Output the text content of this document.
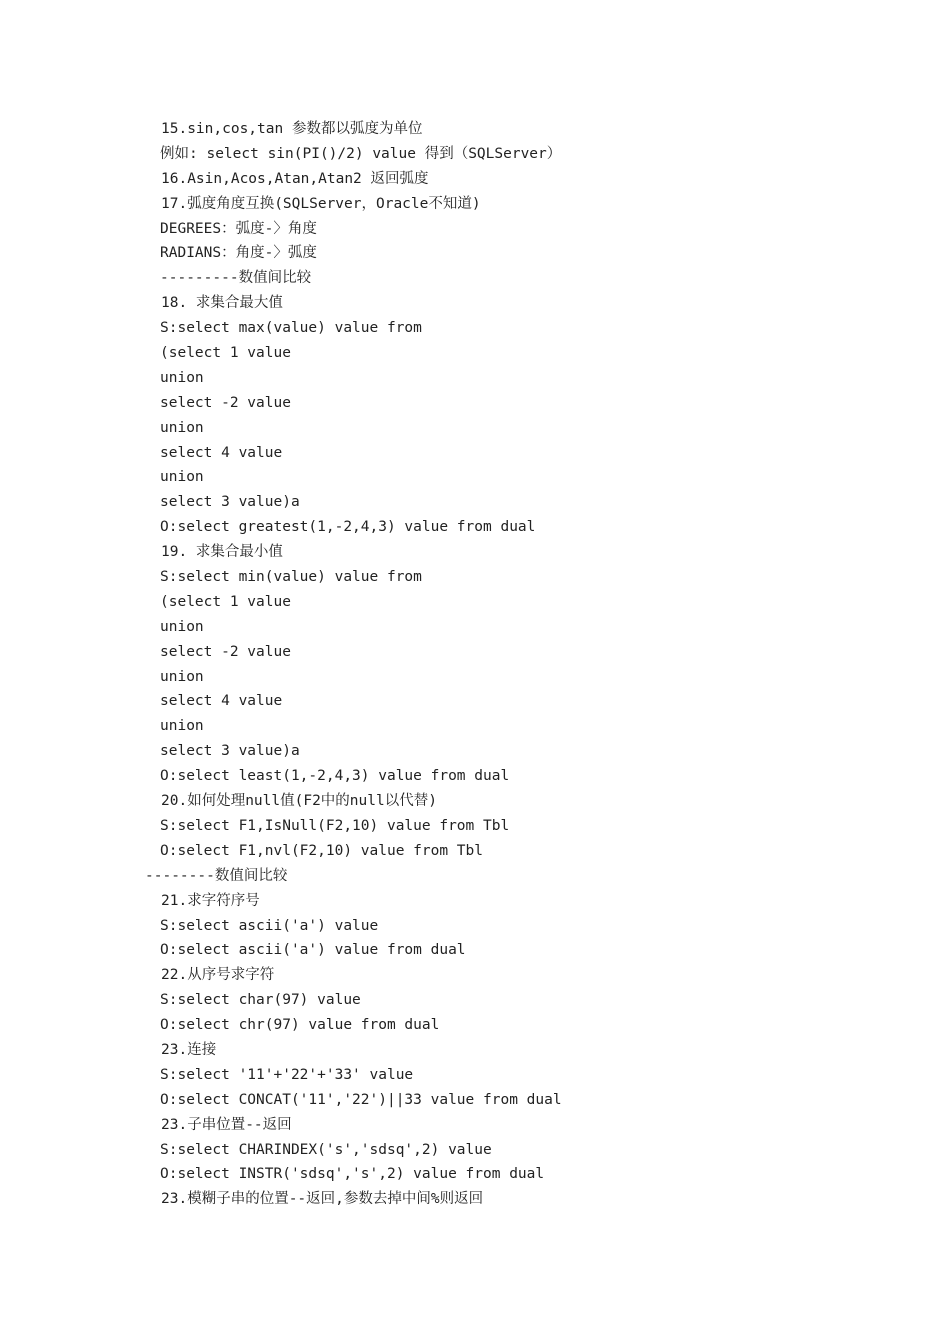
15.sin,cos,tan 参数都以弧度为单位
例如: select sin(PI()/2) value 得到（SQLServer）
16.Asin,Acos,Atan,Atan2 返回弧度
17.弧度角度互换(SQLServer，Oracle不知道)
DEGREES：弧度-〉角度
RADIANS：角度-〉弧度
---------数值间比较
18. 求集合最大值
S:select max(value) value from
(select 1 value
union
select -2 value
union
select 4 value
union
select 3 value)a
O:select greatest(1,-2,4,3) value from dual
19. 求集合最小值
S:select min(value) value from
(select 1 value
union
select -2 value
union
select 4 value
union
select 3 value)a
O:select least(1,-2,4,3) value from dual
20.如何处理null值(F2中的null以代替)
S:select F1,IsNull(F2,10) value from Tbl
O:select F1,nvl(F2,10) value from Tbl
--------数值间比较
21.求字符序号
S:select ascii('a') value
O:select ascii('a') value from dual
22.从序号求字符
S:select char(97) value
O:select chr(97) value from dual
23.连接
S:select '11'+'22'+'33' value
O:select CONCAT('11','22')||33 value from dual
23.子串位置--返回
S:select CHARINDEX('s','sdsq',2) value
O:select INSTR('sdsq','s',2) value from dual
23.模糊子串的位置--返回,参数去掉中间%则返回
